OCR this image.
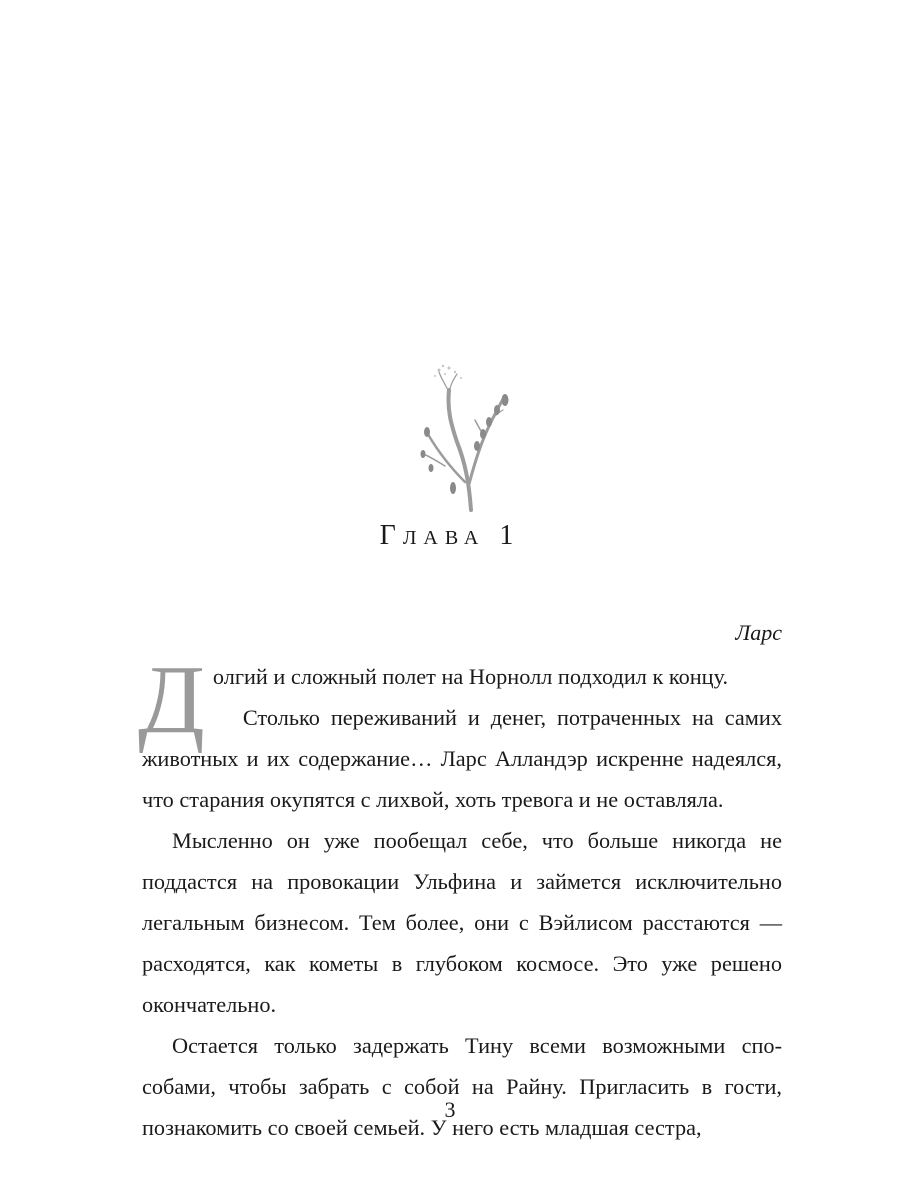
Глава 1
Ларс

Долгий и сложный полет на Норнолл подходил к концу.

Столько переживаний и денег, потраченных на самих животных и их содержание… Ларс Алландэр искренне надеялся, что старания окупятся с лихвой, хоть тревога и не оставляла.

Мысленно он уже пообещал себе, что больше никогда не поддастся на провокации Ульфина и займется исключительно легальным бизнесом. Тем более, они с Вэйлисом расстаются — расходятся, как кометы в глубоком космосе. Это уже решено окончательно.

Остается только задержать Тину всеми возможными способами, чтобы забрать с собой на Райну. Пригласить в гости, познакомить со своей семьей. У него есть младшая сестра,

3
